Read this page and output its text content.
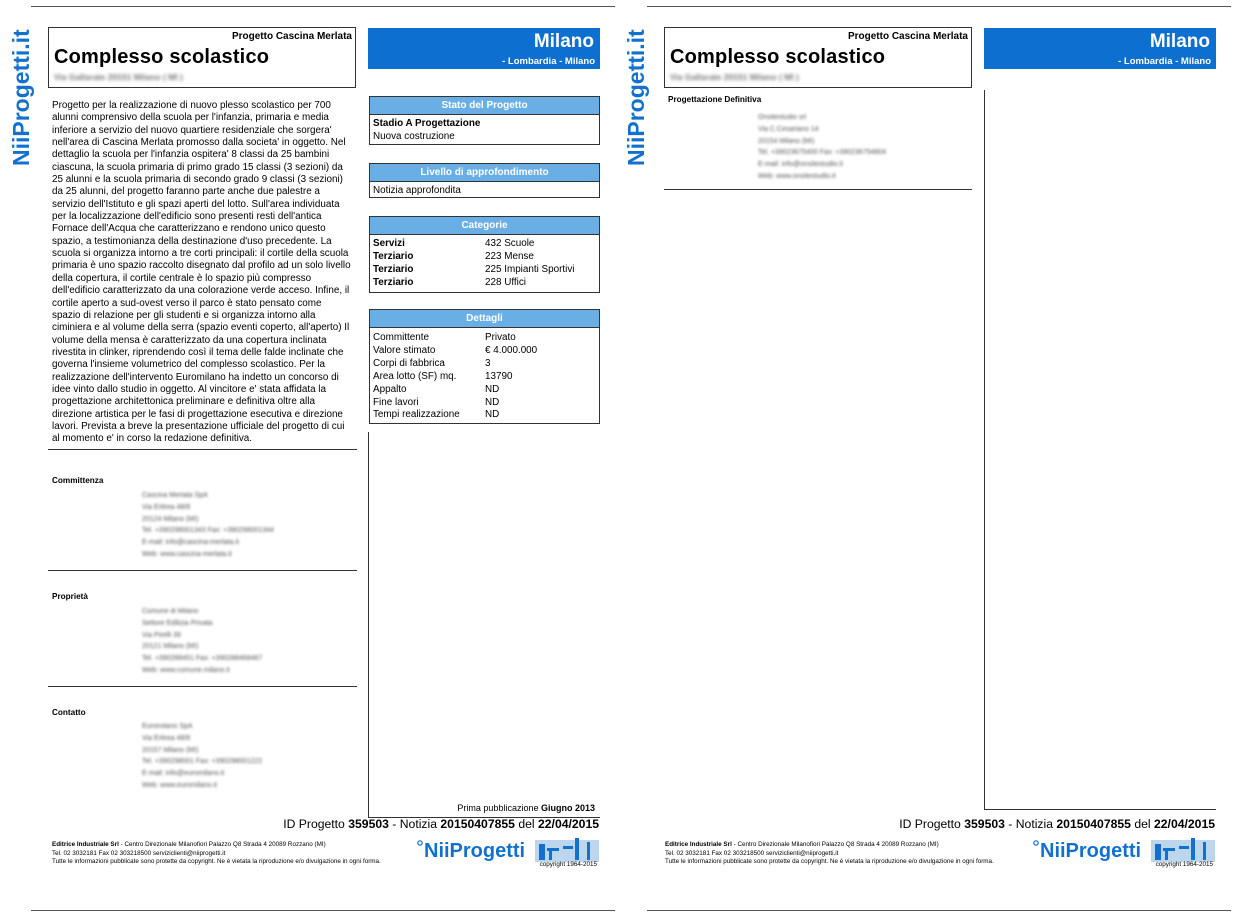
NiiProgetti.it	Progetto Cascina Merlata
Complesso scolastico
Via Gallarate 20151 Milano ( MI )
Milano
- Lombardia - Milano

Progetto per la realizzazione di nuovo plesso scolastico per 700 alunni comprensivo della scuola per l'infanzia, primaria e media inferiore a servizio del nuovo quartiere residenziale che sorgera' nell'area di Cascina Merlata promosso dalla societa' in oggetto. Nel dettaglio la scuola per l'infanzia ospitera' 8 classi da 25 bambini ciascuna, la scuola primaria di primo grado 15 classi (3 sezioni) da 25 alunni e la scuola primaria di secondo grado 9 classi (3 sezioni) da 25 alunni, del progetto faranno parte anche due palestre a servizio dell'Istituto e gli spazi aperti del lotto. Sull'area individuata per la localizzazione dell'edificio sono presenti resti dell'antica Fornace dell'Acqua che caratterizzano e rendono unico questo spazio, a testimonianza della destinazione d'uso precedente. La scuola si organizza intorno a tre corti principali: il cortile della scuola primaria è uno spazio raccolto disegnato dal profilo ad un solo livello della copertura, il cortile centrale è lo spazio più compresso dell'edificio caratterizzato da una colorazione verde acceso. Infine, il cortile aperto a sud-ovest verso il parco è stato pensato come spazio di relazione per gli studenti e si organizza intorno alla ciminiera e al volume della serra (spazio eventi coperto, all'aperto) Il volume della mensa è caratterizzato da una copertura inclinata rivestita in clinker, riprendendo così il tema delle falde inclinate che governa l'insieme volumetrico del complesso scolastico. Per la realizzazione dell'intervento Euromilano ha indetto un concorso di idee vinto dallo studio in oggetto. Al vincitore e' stata affidata la progettazione architettonica preliminare e definitiva oltre alla direzione artistica per le fasi di progettazione esecutiva e direzione lavori. Prevista a breve la presentazione ufficiale del progetto di cui al momento e' in corso la redazione definitiva.

Committenza
Cascina Merlata SpA
Via Eritrea 48/8
20124 Milano (MI)
Tel. +390298001343 Fax: +390298001344
E-mail: info@cascina-merlata.it
Web: www.cascina-merlata.it
Proprietà
Comune di Milano
Settore Edilizia Privata
Via Pirelli 39
20121 Milano (MI)
Tel. +390288451 Fax: +390288468467
Web: www.comune.milano.it
Contatto
Euromilano SpA
Via Eritrea 48/8
20157 Milano (MI)
Tel. +390298001 Fax: +390298001222
E-mail: info@euromilano.it
Web: www.euromilano.it
Stato del Progetto
Stadio A Progettazione
Nuova costruzione
Livello di approfondimento
Notizia approfondita
Categorie
Servizi	432 Scuole
Terziario	223 Mense
Terziario	225 Impianti Sportivi
Terziario	228 Uffici
Dettagli
Committente	Privato
Valore stimato	€ 4.000.000
Corpi di fabbrica	3
Area lotto (SF) mq.	13790
Appalto	ND
Fine lavori	ND
Tempi realizzazione	ND
Prima pubblicazione Giugno 2013
ID Progetto 359503 - Notizia 20150407855 del 22/04/2015
Editrice Industriale Srl - Centro Direzionale Milanofiori Palazzo Q8 Strada 4 20089 Rozzano (MI)
Tel. 02 3032181 Fax 02 303218500 serviziclienti@niiprogetti.it
Tutte le informazioni pubblicate sono protette da copyright. Ne è vietata la riproduzione e/o divulgazione in ogni forma. NiiProgetti
copyright 1964-2015
NiiProgetti.it	Progetto Cascina Merlata
Complesso scolastico
Via Gallarate 20151 Milano ( MI )
Milano
- Lombardia - Milano
Progettazione Definitiva
Onsitestudio srl
Via C.Cesariano 14
20154 Milano (MI)
Tel. +39023675400 Fax: +390236754804
E-mail: info@onsitestudio.it
Web: www.onsitestudio.it
ID Progetto 359503 - Notizia 20150407855 del 22/04/2015
Editrice Industriale Srl - Centro Direzionale Milanofiori Palazzo Q8 Strada 4 20089 Rozzano (MI)
Tel. 02 3032181 Fax 02 303218500 serviziclienti@niiprogetti.it
Tutte le informazioni pubblicate sono protette da copyright. Ne è vietata la riproduzione e/o divulgazione in ogni forma. NiiProgetti
copyright 1964-2015
